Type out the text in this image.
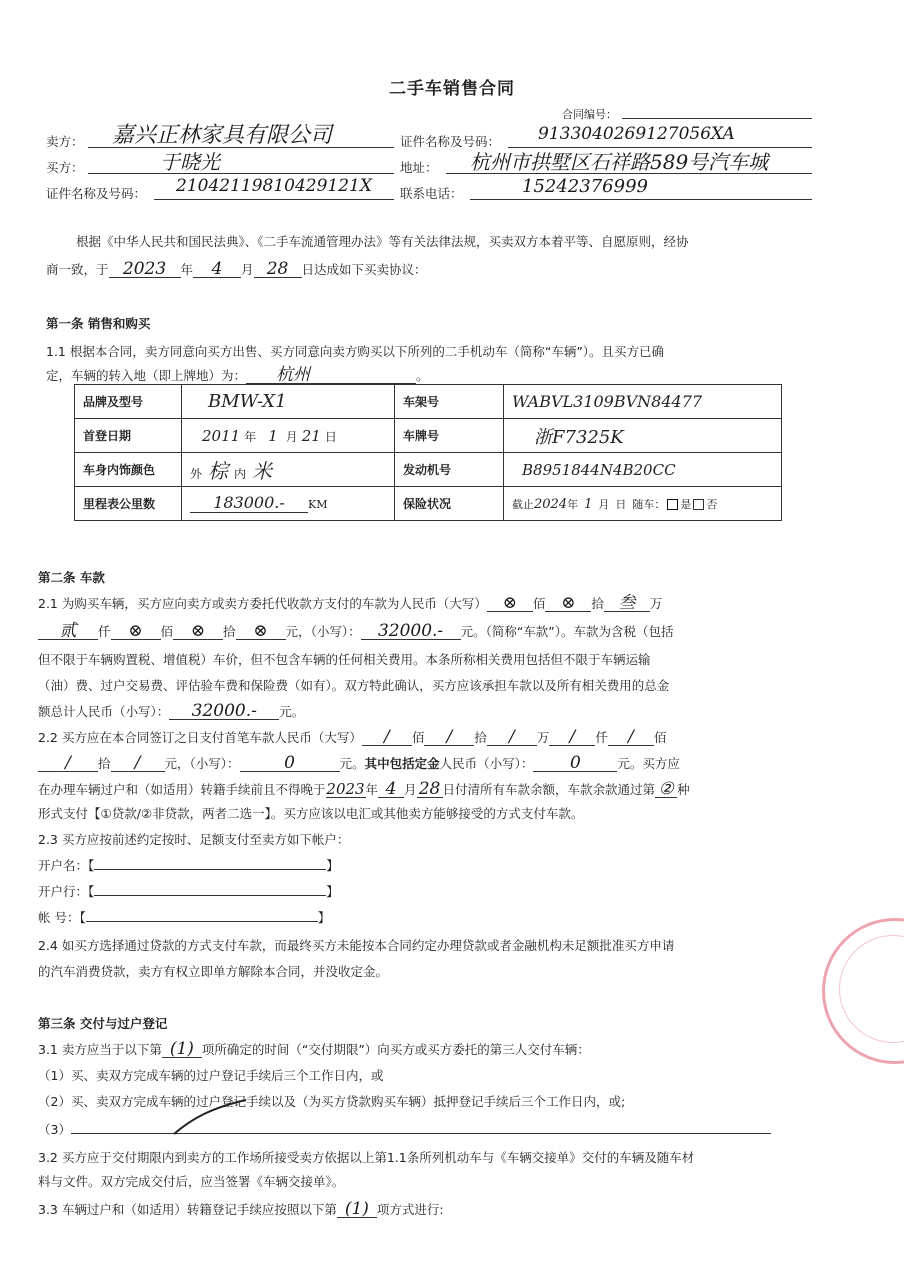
二手车销售合同
合同编号：
卖方： 嘉兴正林家具有限公司	证件名称及号码： 91330402691270​56XA
买方：	于晓光	地址： 杭州市拱墅区石祥路589号汽车城
证件名称及号码： 210421198104291​21X 联系电话：	15242376999
根据《中华人民共和国民法典》、《二手车流通管理办法》等有关法律法规，买卖双方本着平等、自愿原则，经协
商一致，于 2023 年 4 月 28 日达成如下买卖协议：
第一条 销售和购买
1.1 根据本合同，卖方同意向买方出售、买方同意向卖方购买以下所列的二手机动车（简称“车辆”）。且买方已确
定，车辆的转入地（即上牌地）为： 杭州	。
品牌及型号	BMW-X1	车架号	WABVL3109BVN84477
首登日期	2011 年 1 月 21 日	车牌号	浙F7325K
车身内饰颜色	外 棕 内 米	发动机号	B8951844N4B20CC
里程表公里数	183000.- KM	保险状况	截止2024年 1 月 日 随车： 是 否
第二条 车款
2.1 为购买车辆，买方应向卖方或卖方委托代收款方支付的车款为人民币（大写） ⊗ 佰 ⊗ 拾 叁 万
贰 仟 ⊗ 佰 ⊗ 拾 ⊗ 元，（小写）： 32000.- 元。（简称“车款”）。车款为含税（包括
但不限于车辆购置税、增值税）车价，但不包含车辆的任何相关费用。本条所称相关费用包括但不限于车辆运输
（油）费、过户交易费、评估验车费和保险费（如有）。双方特此确认，买方应该承担车款以及所有相关费用的总金
额总计人民币（小写）： 32000.- 元。
2.2 买方应在本合同签订之日支付首笔车款人民币（大写） / 佰 / 拾 / 万 / 仟 / 佰
/ 拾 / 元，（小写）：	0	元。其中包括定金人民币（小写）： 0	元。买方应
在办理车辆过户和（如适用）转籍手续前且不得晚于2023年 4 月 28 日付清所有车款余额，车款余款通过第 ② 种
形式支付【①贷款/②非贷款，两者二选一】。买方应该以电汇或其他卖方能够接受的方式支付车款。
2.3 买方应按前述约定按时、足额支付至卖方如下帐户：
开户名：【	】
开户行：【	】
帐 号：【	】
2.4 如买方选择通过贷款的方式支付车款，而最终买方未能按本合同约定办理贷款或者金融机构未足额批准买方申请
的汽车消费贷款，卖方有权立即单方解除本合同，并没收定金。
第三条 交付与过户登记
3.1 卖方应当于以下第 (1) 项所确定的时间（“交付期限”）向买方或买方委托的第三人交付车辆：
（1）买、卖双方完成车辆的过户登记手续后三个工作日内，或
（2）买、卖双方完成车辆的过户登记手续以及（为买方贷款购买车辆）抵押登记手续后三个工作日内，或;
（3）
3.2 买方应于交付期限内到卖方的工作场所接受卖方依据以上第1.1条所列机动车与《车辆交接单》交付的车辆及随车材
料与文件。双方完成交付后，应当签署《车辆交接单》。
3.3 车辆过户和（如适用）转籍登记手续应按照以下第 (1) 项方式进行:
